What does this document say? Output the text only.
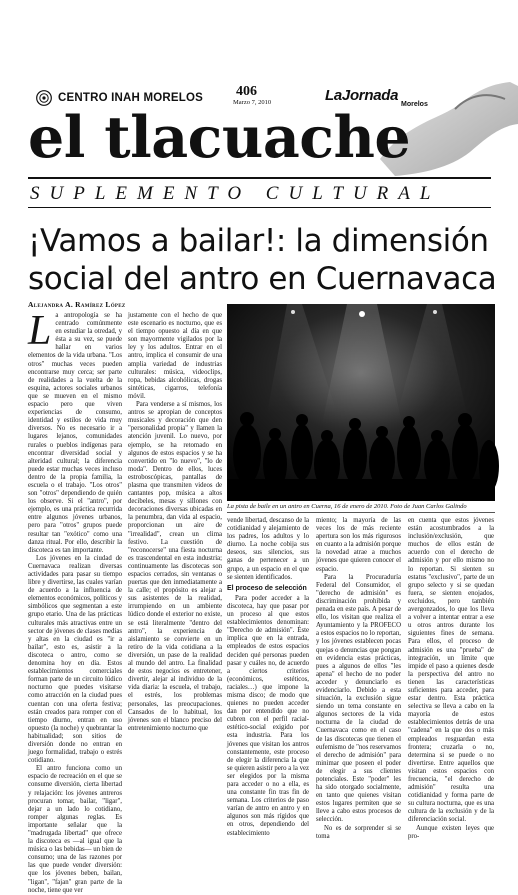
CENTRO INAH MORELOS 406
Marzo 7, 2010	LaJornada
Morelos
el tlacuache
SUPLEMENTO CULTURAL
¡Vamos a bailar!: la dimensión social del antro en Cuernavaca
Alejandra A. Ramírez López

L a antropología se ha centrado comúnmente en estudiar la otredad, y ésta a su vez, se puede hallar en varios elementos de la vida urbana. "Los otros" muchas veces pueden encontrarse muy cerca; ser parte de realidades a la vuelta de la esquina, actores sociales urbanos que se mueven en el mismo espacio pero que viven experiencias de consumo, identidad y estilos de vida muy diversos. No es necesario ir a lugares lejanos, comunidades rurales o pueblos indígenas para encontrar diversidad social y alteridad cultural; la diferencia puede estar muchas veces incluso dentro de la propia familia, la escuela o el trabajo. "Los otros" son "otros" dependiendo de quién los observe. Si el "antro", por ejemplo, es una práctica recurrida entre algunos jóvenes urbanos, pero para "otros" grupos puede resultar tan "exótico" como una danza ritual. Por ello, describir la discoteca es tan importante.

Los jóvenes en la ciudad de Cuernavaca realizan diversas actividades para pasar su tiempo libre y divertirse, las cuales varían de acuerdo a la influencia de elementos económicos, políticos y simbólicos que segmentan a este grupo etario. Una de las prácticas culturales más atractivas entre un sector de jóvenes de clases medias y altas en la ciudad es "ir a bailar", esto es, asistir a la discoteca o antro, como se denomina hoy en día. Estos establecimientos comerciales forman parte de un circuito lúdico nocturno que puedes visitarse como atracción en la ciudad pues cuentan con una oferta festiva; están creados para romper con el tiempo diurno, entran en uso opuesto (la noche) y quebrantar la habitualidad; son sitios de diversión donde no entran en juego formalidad, trabajo o estrés cotidiano.

El antro funciona como un espacio de recreación en el que se consume diversión, cierta libertad y relajación: los jóvenes antreros procuran tomar, bailar, "ligar", dejar a un lado lo cotidiano, romper algunas reglas. Es importante señalar que la "madrugada libertad" que ofrece la discoteca es —al igual que la música o las bebidas— un bien de consumo; una de las razones por las que puede vender diversión: que los jóvenes beben, bailan, "ligan", "fajan" gran parte de la noche, tiene que ver

justamente con el hecho de que este escenario es nocturno, que es el tiempo opuesto al día en que son mayormente vigilados por la ley y los adultos. Entrar en el antro, implica el consumir de una amplia variedad de industrias culturales: música, videoclips, ropa, bebidas alcohólicas, drogas sintéticas, cigarros, telefonía móvil.

Para venderse a sí mismos, los antros se apropian de conceptos musicales y decoración que den "personalidad propia" y llamen la atención juvenil. Lo nuevo, por ejemplo, se ha retomado en algunos de estos espacios y se ha convertido en "lo nuevo", "lo de moda". Dentro de ellos, luces estroboscópicas, pantallas de plasma que transmiten videos de cantantes pop, música a altos decibeles, mesas y sillones con decoraciones diversas ubicadas en la penumbra, dan vida al espacio, proporcionan un aire de "irrealidad", crean un clima festivo. La cuestión de "reconocerse" una fiesta nocturna es trascendental en esta industria; continuamente las discotecas son espacios cerrados, sin ventanas o puertas que den inmediatamente a la calle; el propósito es alejar a sus asistentes de la realidad, irrumpiendo en un ambiente lúdico donde el exterior no existe, se está literalmente "dentro del antro", la experiencia de aislamiento se convierte en un retiro de la vida cotidiana a la diversión, un pase de la realidad al mundo del antro. La finalidad de estos negocios es entretener, divertir, alejar al individuo de la vida diaria: la escuela, el trabajo, el estrés, los problemas personales, las preocupaciones. Cansados de lo habitual, los jóvenes son el blanco preciso del entretenimiento nocturno que

La pista de baile en un antro en Cuerna, 16 de enero de 2010. Foto de Juan Carlos Galindo

vende libertad, descanso de la cotidianidad y alejamiento de los padres, los adultos y lo diurno. La noche cobija sus deseos, sus silencios, sus ganas de pertenecer a un grupo, a un espacio en el que se sienten identificados.

El proceso de selección

Para poder acceder a la discoteca, hay que pasar por un proceso al que estos establecimientos denominan: "Derecho de admisión". Éste implica que en la entrada, empleados de estos espacios deciden qué personas pueden pasar y cuáles no, de acuerdo a ciertos criterios (económicos, estéticos, raciales…) que impone la misma disco; de modo que quienes no pueden acceder dan por entendido que no cubren con el perfil racial-estético-social exigido por esta industria. Para los jóvenes que visitan los antros constantemente, este proceso de elegir la diferencia la que se quieren asistir pero a la vez ser elegidos por la misma para acceder o no a ella, es una constante fin tras fin de semana. Los criterios de paso varían de antro en antro y en algunos son más rígidos que en otros, dependiendo del establecimiento

miento; la mayoría de las veces los de más reciente apertura son los más rigurosos en cuanto a la admisión porque la novedad atrae a muchos jóvenes que quieren conocer el espacio.

Para la Procuraduría Federal del Consumidor, el "derecho de admisión" es discriminación prohibida y penada en este país. A pesar de ello, los visitan que realiza el Ayuntamiento y la PROFECO a estos espacios no lo reportan, y los jóvenes establecen pocas quejas o denuncias que pongan en evidencia estas prácticas, pues a algunos de ellos "les apena" el hecho de no poder acceder y denunciarlo es evidenciarlo. Debido a esta situación, la exclusión sigue siendo un tema constante en algunos sectores de la vida nocturna de la ciudad de Cuernavaca como en el caso de las discotecas que tienen el eufemismo de "nos reservamos el derecho de admisión" para minimar que poseen el poder de elegir a sus clientes potenciales. Este "poder" les ha sido otorgado socialmente, en tanto que quienes visitan estos lugares permiten que se lleve a cabo estos procesos de selección.

No es de sorprender si se toma

en cuenta que estos jóvenes están acostumbrados a la inclusión/exclusión, que muchos de ellos están de acuerdo con el derecho de admisión y por ello mismo no lo reportan. Si sienten su estatus "exclusivo", parte de un grupo selecto y si se quedan fuera, se sienten enojados, excluidos, pero también avergonzados, lo que los lleva a volver a intentar entrar a ese u otros antros durante los siguientes fines de semana. Para ellos, el proceso de admisión es una "prueba" de integración, un límite que impide el paso a quienes desde la perspectiva del antro no tienen las características suficientes para acceder, para estar dentro. Esta práctica selectiva se lleva a cabo en la mayoría de estos establecimientos detrás de una "cadena" en la que dos o más empleados resguardan esta frontera; cruzarla o no, determina si se puede o no divertirse. Entre aquellos que visitan estos espacios con frecuencia, "el derecho de admisión" resulta una cotidianidad y forma parte de su cultura nocturna, que es una cultura de la exclusión y de la diferenciación social.

Aunque existen leyes que pro-
